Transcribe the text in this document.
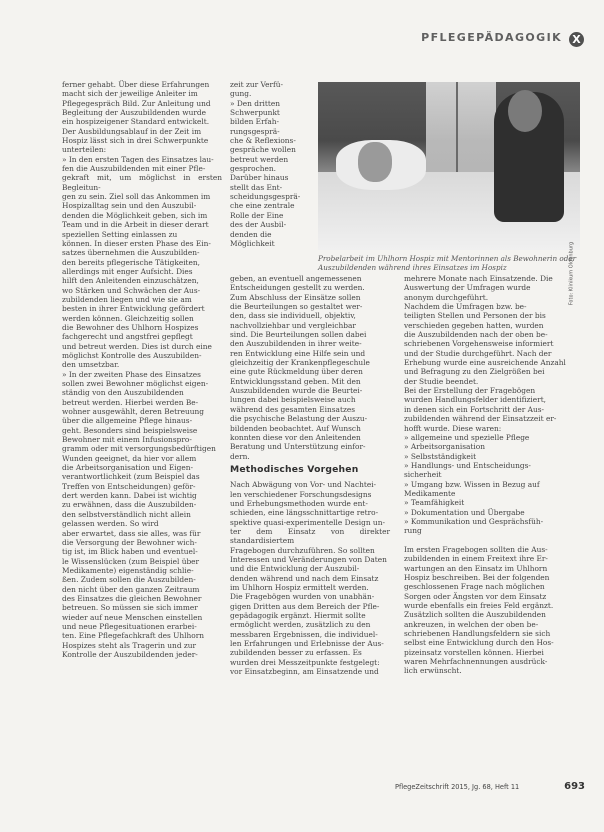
PFLEGEPÄDAGOGIK X

ferner gehabt. Über diese Erfahrungen

macht sich der jeweilige Anleiter im

Pflegegespräch Bild. Zur Anleitung und

Begleitung der Auszubildenden wurde

ein hospizeigener Standard entwickelt.

Der Ausbildungsablauf in der Zeit im

Hospiz lässt sich in drei Schwerpunkte

unterteilen:

» In den ersten Tagen des Einsatzes lau-

fen die Auszubildenden mit einer Pfle-

gekraft mit, um möglichst in ersten Begleitun-

gen zu sein. Ziel soll das Ankommen im

Hospizalltag sein und den Auszubil-

denden die Möglichkeit geben, sich im

Team und in die Arbeit in dieser derart

speziellen Setting einlassen zu

können. In dieser ersten Phase des Ein-

satzes übernehmen die Auszubilden-

den bereits pflegerische Tätigkeiten,

allerdings mit enger Aufsicht. Dies

hilft den Anleitenden einzuschätzen,

wo Stärken und Schwächen der Aus-

zubildenden liegen und wie sie am

besten in ihrer Entwicklung gefördert

werden können. Gleichzeitig sollen

die Bewohner des Uhlhorn Hospizes

fachgerecht und angstfrei gepflegt

und betreut werden. Dies ist durch eine

möglichst Kontrolle des Auszubilden-

den umsetzbar.

» In der zweiten Phase des Einsatzes

sollen zwei Bewohner möglichst eigen-

ständig von den Auszubildenden

betreut werden. Hierbei werden Be-

wohner ausgewählt, deren Betreuung

über die allgemeine Pflege hinaus-

geht. Besonders sind beispielsweise

Bewohner mit einem Infusionspro-

gramm oder mit versorgungsbedürftigen

Wunden geeignet, da hier vor allem

die Arbeitsorganisation und Eigen-

verantwortlichkeit (zum Beispiel das

Treffen von Entscheidungen) geför-

dert werden kann. Dabei ist wichtig

zu erwähnen, dass die Auszubilden-

den selbstverständlich nicht allein

gelassen werden. So wird

aber erwartet, dass sie alles, was für

die Versorgung der Bewohner wich-

tig ist, im Blick haben und eventuel-

le Wissenslücken (zum Beispiel über

Medikamente) eigenständig schlie-

ßen. Zudem sollen die Auszubilden-

den nicht über den ganzen Zeitraum

des Einsatzes die gleichen Bewohner

betreuen. So müssen sie sich immer

wieder auf neue Menschen einstellen

und neue Pflegesituationen erarbei-

ten. Eine Pflegefachkraft des Uhlhorn

Hospizes steht als Tragerin und zur

Kontrolle der Auszubildenden jeder-

zeit zur Verfü-

gung.

» Den dritten

Schwerpunkt

bilden Erfah-

rungsgesprä-

che & Reflexions-

gespräche wollen

betreut werden

gesprochen.

Darüber hinaus

stellt das Ent-

scheidungsgesprä-

che eine zentrale

Rolle der Eine

des der Ausbil-

denden die

Möglichkeit	Foto: Klinikum Oldenburg
Probelarbeit im Uhlhorn Hospiz mit Mentorinnen als Bewohnerin oder Auszubildenden während ihres Einsatzes im Hospiz

geben, an eventuell angemessenen

Entscheidungen gestellt zu werden.

Zum Abschluss der Einsätze sollen

die Beurteilungen so gestaltet wer-

den, dass sie individuell, objektiv,

nachvollziehbar und vergleichbar

sind. Die Beurteilungen sollen dabei

den Auszubildenden in ihrer weite-

ren Entwicklung eine Hilfe sein und

gleichzeitig der Krankenpflegeschule

eine gute Rückmeldung über deren

Entwicklungsstand geben. Mit den

Auszubildenden wurde die Beurtei-

lungen dabei beispielsweise auch

während des gesamten Einsatzes

die psychische Belastung der Auszu-

bildenden beobachtet. Auf Wunsch

konnten diese vor den Anleitenden

Beratung und Unterstützung einfor-

dern.

Methodisches Vorgehen

Nach Abwägung von Vor- und Nachtei-

len verschiedener Forschungsdesigns

und Erhebungsmethoden wurde ent-

schieden, eine längsschnittartige retro-

spektive quasi-experimentelle Design un-

ter dem Einsatz von direkter standardisiertem

Fragebogen durchzuführen. So sollten

Interessen und Veränderungen von Daten

und die Entwicklung der Auszubil-

denden während und nach dem Einsatz

im Uhlhorn Hospiz ermittelt werden.

Die Fragebögen wurden von unabhän-

gigen Dritten aus dem Bereich der Pfle-

gepädagogik ergänzt. Hiermit sollte

ermöglicht werden, zusätzlich zu den

messbaren Ergebnissen, die individuel-

len Erfahrungen und Erlebnisse der Aus-

zubildenden besser zu erfassen. Es

wurden drei Messzeitpunkte festgelegt:

vor Einsatzbeginn, am Einsatzende und

mehrere Monate nach Einsatzende. Die

Auswertung der Umfragen wurde

anonym durchgeführt.

Nachdem die Umfragen bzw. be-

teiligten Stellen und Personen der bis

verschieden gegeben hatten, wurden

die Auszubildenden nach der oben be-

schriebenen Vorgehensweise informiert

und der Studie durchgeführt. Nach der

Erhebung wurde eine ausreichende Anzahl

und Befragung zu den Zielgrößen bei

der Studie beendet.

Bei der Erstellung der Fragebögen

wurden Handlungsfelder identifiziert,

in denen sich ein Fortschritt der Aus-

zubildenden während der Einsatzzeit er-

hofft wurde. Diese waren:

» allgemeine und spezielle Pflege

» Arbeitsorganisation

» Selbstständigkeit

» Handlungs- und Entscheidungs-

sicherheit

» Umgang bzw. Wissen in Bezug auf

Medikamente

» Teamfähigkeit

» Dokumentation und Übergabe

» Kommunikation und Gesprächsfüh-

rung

Im ersten Fragebogen sollten die Aus-

zubildenden in einem Freitext ihre Er-

wartungen an den Einsatz im Uhlhorn

Hospiz beschreiben. Bei der folgenden

geschlossenen Frage nach möglichen

Sorgen oder Ängsten vor dem Einsatz

wurde ebenfalls ein freies Feld ergänzt.

Zusätzlich sollten die Auszubildenden

ankreuzen, in welchen der oben be-

schriebenen Handlungsfeldern sie sich

selbst eine Entwicklung durch den Hos-

pizeinsatz vorstellen können. Hierbei

waren Mehrfachnennungen ausdrück-

lich erwünscht.

PflegeZeitschrift 2015, Jg. 68, Heft 11	693
